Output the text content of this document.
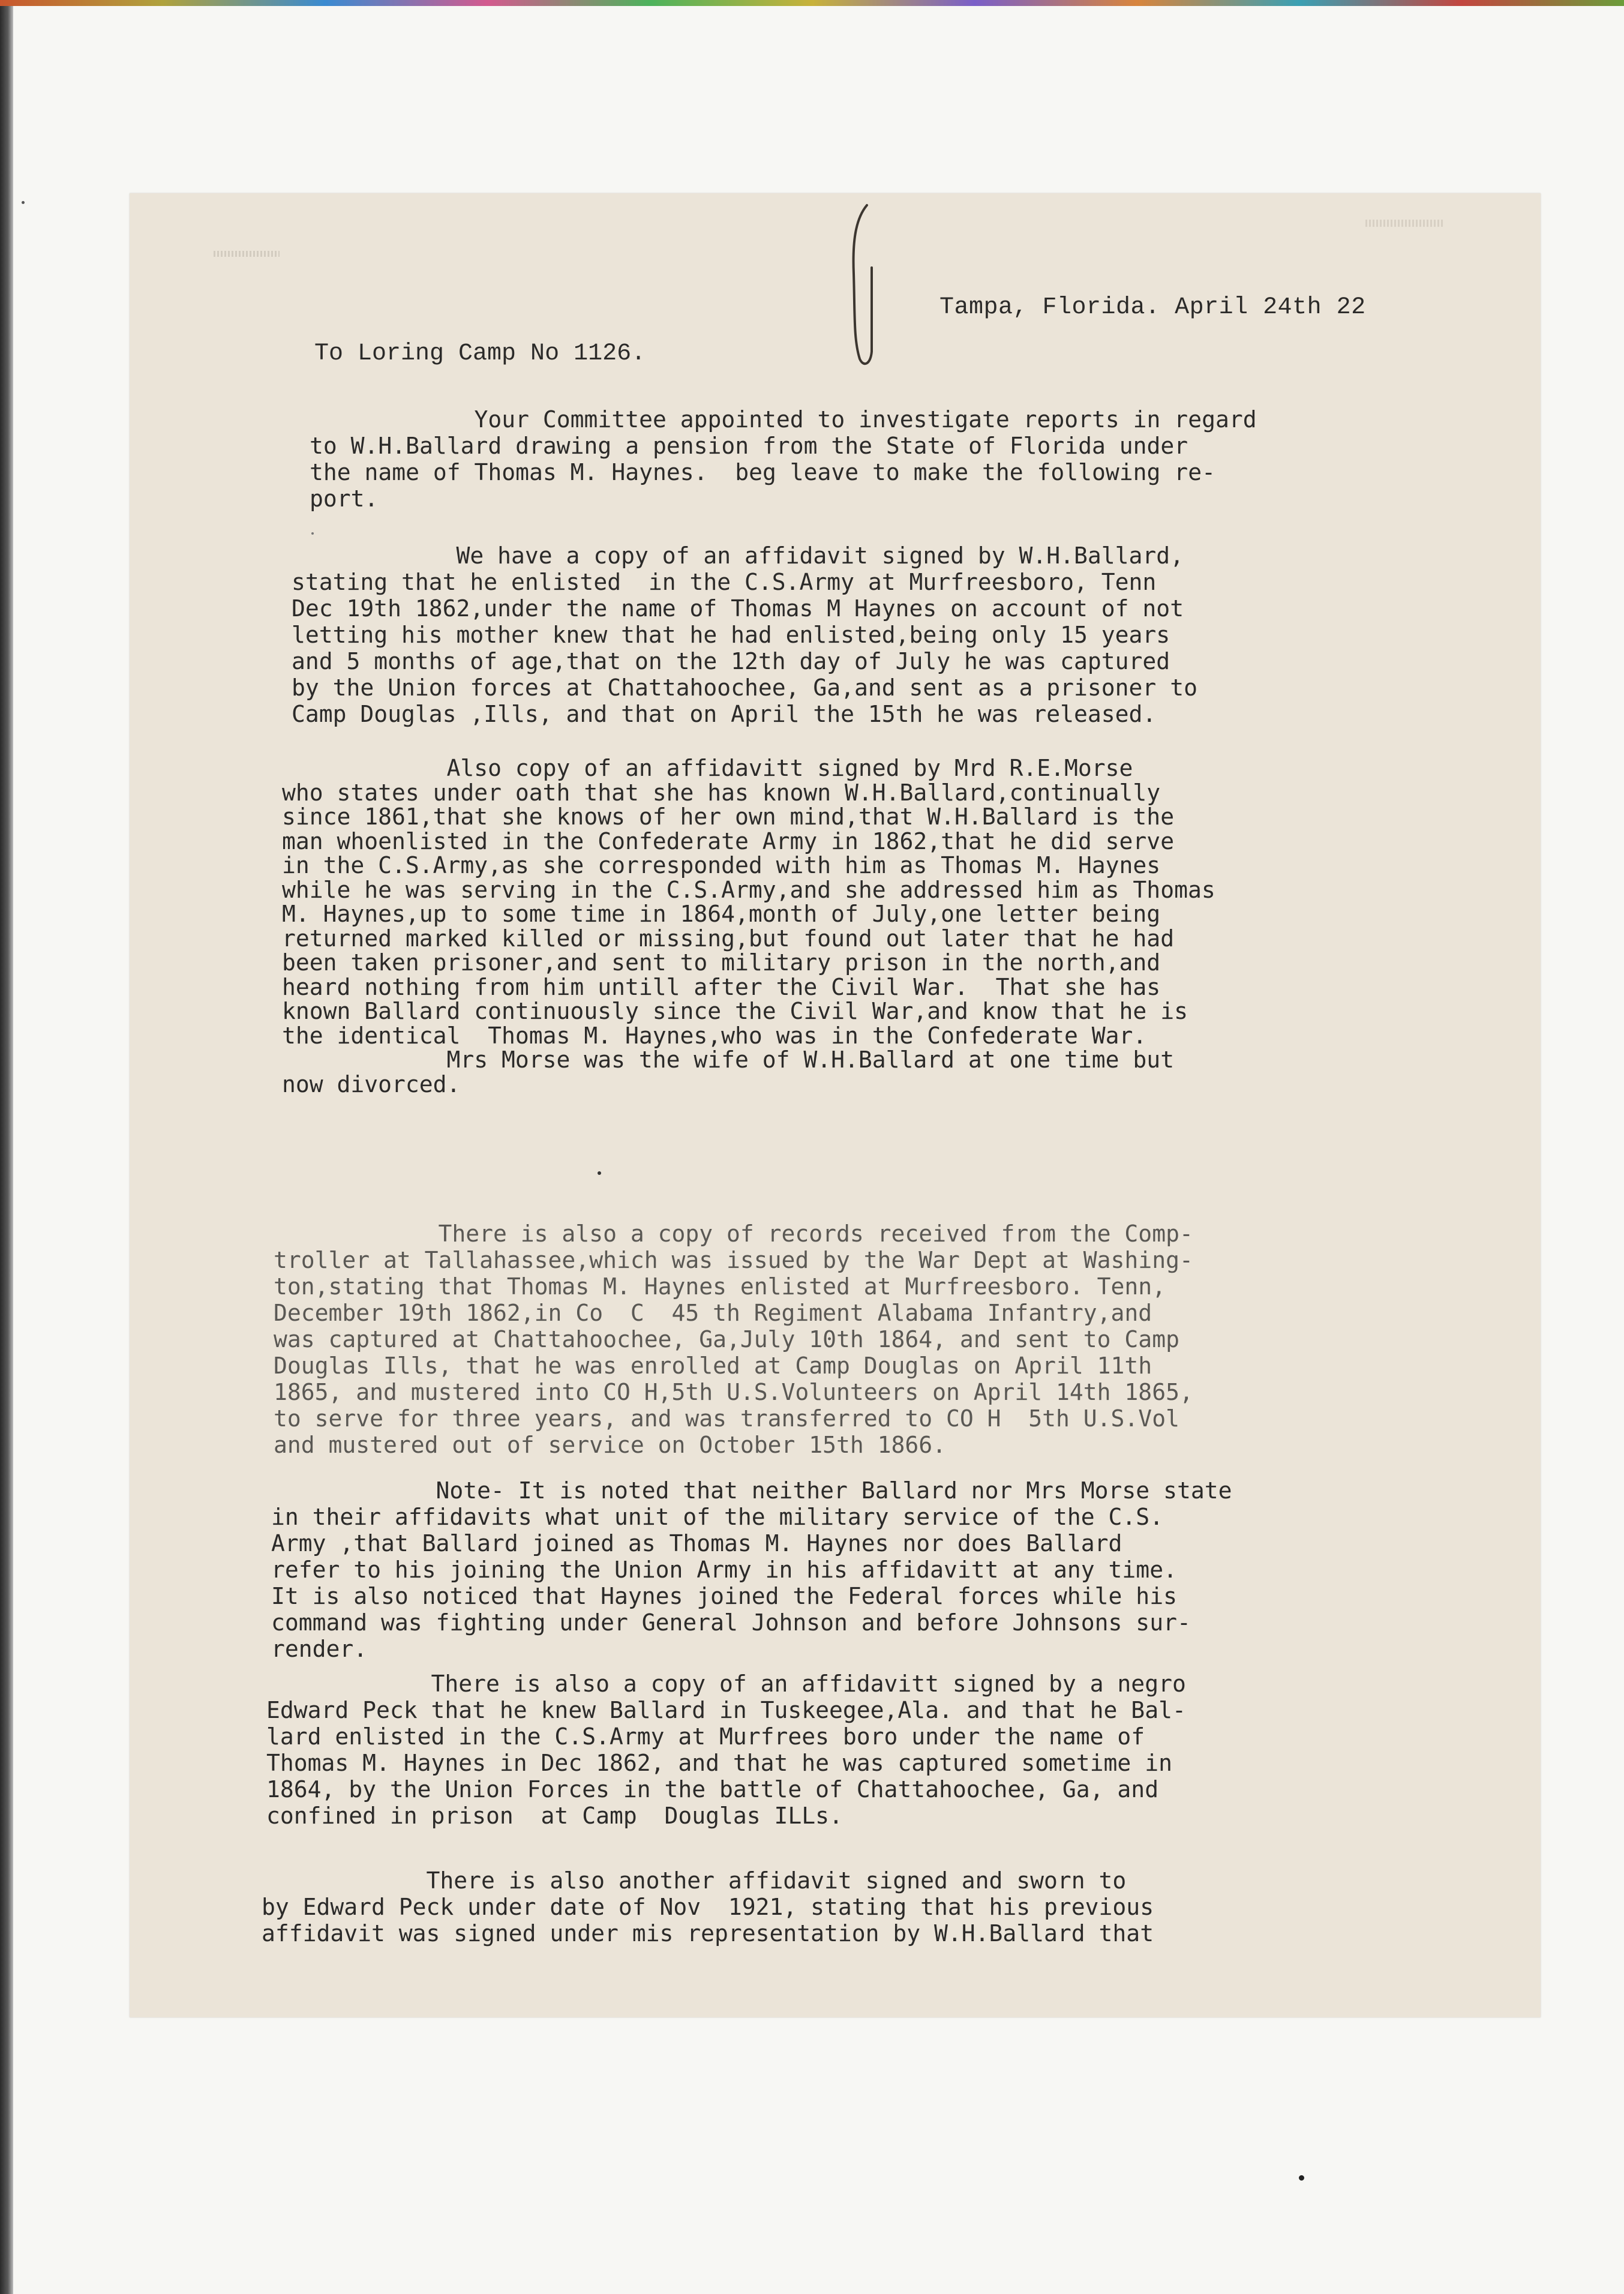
Tampa, Florida. April 24th 22
To Loring Camp No 1126.
Your Committee appointed to investigate reports in regard
to W.H.Ballard drawing a pension from the State of Florida under
the name of Thomas M. Haynes.  beg leave to make the following re-
port.
We have a copy of an affidavit signed by W.H.Ballard,
stating that he enlisted  in the C.S.Army at Murfreesboro, Tenn
Dec 19th 1862,under the name of Thomas M Haynes on account of not
letting his mother knew that he had enlisted,being only 15 years
and 5 months of age,that on the 12th day of July he was captured
by the Union forces at Chattahoochee, Ga,and sent as a prisoner to
Camp Douglas ,Ills, and that on April the 15th he was released.
Also copy of an affidavitt signed by Mrd R.E.Morse
who states under oath that she has known W.H.Ballard,continually
since 1861,that she knows of her own mind,that W.H.Ballard is the
man whoenlisted in the Confederate Army in 1862,that he did serve
in the C.S.Army,as she corresponded with him as Thomas M. Haynes
while he was serving in the C.S.Army,and she addressed him as Thomas
M. Haynes,up to some time in 1864,month of July,one letter being
returned marked killed or missing,but found out later that he had
been taken prisoner,and sent to military prison in the north,and
heard nothing from him untill after the Civil War.  That she has
known Ballard continuously since the Civil War,and know that he is
the identical  Thomas M. Haynes,who was in the Confederate War.
Mrs Morse was the wife of W.H.Ballard at one time but
now divorced.
There is also a copy of records received from the Comp-
troller at Tallahassee,which was issued by the War Dept at Washing-
ton,stating that Thomas M. Haynes enlisted at Murfreesboro. Tenn,
December 19th 1862,in Co  C  45 th Regiment Alabama Infantry,and
was captured at Chattahoochee, Ga,July 10th 1864, and sent to Camp
Douglas Ills, that he was enrolled at Camp Douglas on April 11th
1865, and mustered into CO H,5th U.S.Volunteers on April 14th 1865,
to serve for three years, and was transferred to CO H  5th U.S.Vol
and mustered out of service on October 15th 1866.
Note- It is noted that neither Ballard nor Mrs Morse state
in their affidavits what unit of the military service of the C.S.
Army ,that Ballard joined as Thomas M. Haynes nor does Ballard
refer to his joining the Union Army in his affidavitt at any time.
It is also noticed that Haynes joined the Federal forces while his
command was fighting under General Johnson and before Johnsons sur-
render.
There is also a copy of an affidavitt signed by a negro
Edward Peck that he knew Ballard in Tuskeegee,Ala. and that he Bal-
lard enlisted in the C.S.Army at Murfrees boro under the name of
Thomas M. Haynes in Dec 1862, and that he was captured sometime in
1864, by the Union Forces in the battle of Chattahoochee, Ga, and
confined in prison  at Camp  Douglas ILLs.
There is also another affidavit signed and sworn to
by Edward Peck under date of Nov  1921, stating that his previous
affidavit was signed under mis representation by W.H.Ballard that
